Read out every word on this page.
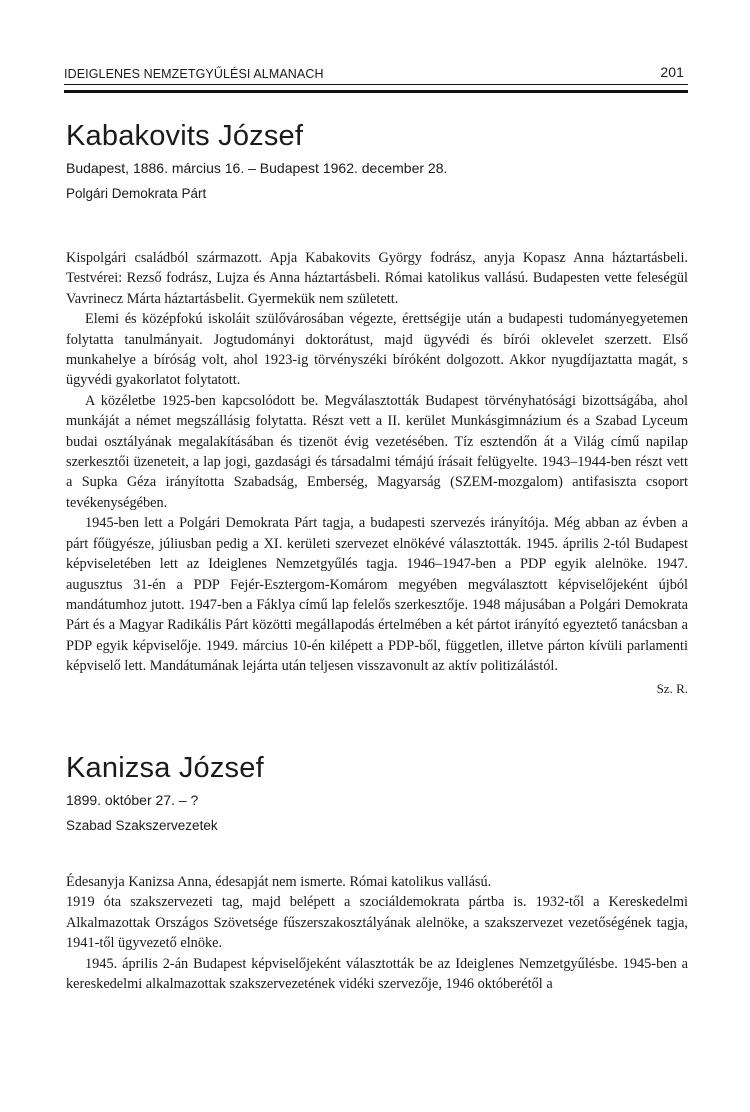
IDEIGLENES NEMZETGYŰLÉSI ALMANACH	201
Kabakovits József
Budapest, 1886. március 16. – Budapest 1962. december 28.
Polgári Demokrata Párt

Kispolgári családból származott. Apja Kabakovits György fodrász, anyja Kopasz Anna háztartásbeli. Testvérei: Rezső fodrász, Lujza és Anna háztartásbeli. Római katolikus vallású. Budapesten vette feleségül Vavrinecz Márta háztartásbelit. Gyermekük nem született.

Elemi és középfokú iskoláit szülővárosában végezte, érettségije után a budapesti tudományegyetemen folytatta tanulmányait. Jogtudományi doktorátust, majd ügyvédi és bírói oklevelet szerzett. Első munkahelye a bíróság volt, ahol 1923-ig törvényszéki bíróként dolgozott. Akkor nyugdíjaztatta magát, s ügyvédi gyakorlatot folytatott.

A közéletbe 1925-ben kapcsolódott be. Megválasztották Budapest törvényhatósági bizottságába, ahol munkáját a német megszállásig folytatta. Részt vett a II. kerület Munkásgimnázium és a Szabad Lyceum budai osztályának megalakításában és tizenöt évig vezetésében. Tíz esztendőn át a Világ című napilap szerkesztői üzeneteit, a lap jogi, gazdasági és társadalmi témájú írásait felügyelte. 1943–1944-ben részt vett a Supka Géza irányította Szabadság, Emberség, Magyarság (SZEM-mozgalom) antifasiszta csoport tevékenységében.

1945-ben lett a Polgári Demokrata Párt tagja, a budapesti szervezés irányítója. Még abban az évben a párt főügyésze, júliusban pedig a XI. kerületi szervezet elnökévé választották. 1945. április 2-tól Budapest képviseletében lett az Ideiglenes Nemzetgyűlés tagja. 1946–1947-ben a PDP egyik alelnöke. 1947. augusztus 31-én a PDP Fejér-Esztergom-Komárom megyében megválasztott képviselőjeként újból mandátumhoz jutott. 1947-ben a Fáklya című lap felelős szerkesztője. 1948 májusában a Polgári Demokrata Párt és a Magyar Radikális Párt közötti megállapodás értelmében a két pártot irányító egyeztető tanácsban a PDP egyik képviselője. 1949. március 10-én kilépett a PDP-ből, független, illetve párton kívüli parlamenti képviselő lett. Mandátumának lejárta után teljesen visszavonult az aktív politizálástól.

Sz. R.
Kanizsa József
1899. október 27. – ?
Szabad Szakszervezetek

Édesanyja Kanizsa Anna, édesapját nem ismerte. Római katolikus vallású.

1919 óta szakszervezeti tag, majd belépett a szociáldemokrata pártba is. 1932-től a Kereskedelmi Alkalmazottak Országos Szövetsége fűszerszakosztályának alelnöke, a szakszervezet vezetőségének tagja, 1941-től ügyvezető elnöke.

1945. április 2-án Budapest képviselőjeként választották be az Ideiglenes Nemzetgyűlésbe. 1945-ben a kereskedelmi alkalmazottak szakszervezetének vidéki szervezője, 1946 októberétől a
